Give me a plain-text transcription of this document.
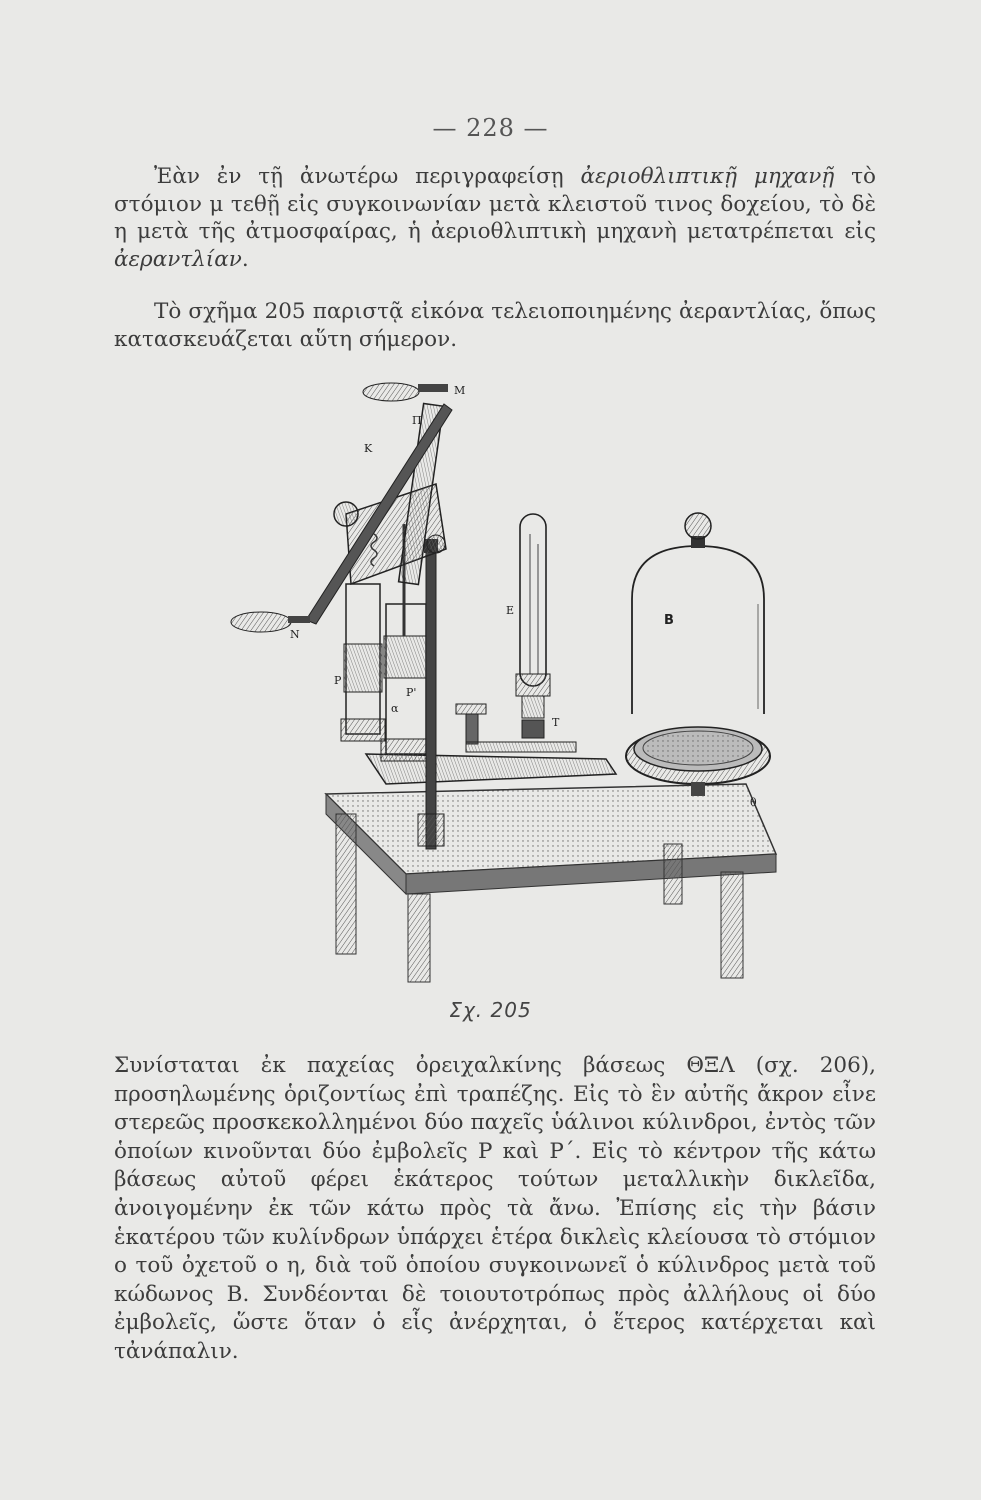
— 228 —

Ἐὰν ἐν τῇ ἀνωτέρω περιγραφείσῃ ἀεριοθλιπτικῇ μηχανῇ τὸ στόμιον μ τεθῇ εἰς συγκοινωνίαν μετὰ κλειστοῦ τινος δοχείου, τὸ δὲ η μετὰ τῆς ἀτμοσφαίρας, ἡ ἀεριοθλιπτικὴ μηχανὴ μετατρέπεται εἰς ἀεραντλίαν.

Τὸ σχῆμα 205 παριστᾷ εἰκόνα τελειοποιημένης ἀεραντλίας, ὅπως κατασκευάζεται αὕτη σήμερον.

M
Π
K
N
E
B
P
P'
α
T
θ
Σχ. 205

Συνίσταται ἐκ παχείας ὀρειχαλκίνης βάσεως ΘΞΛ (σχ. 206), προσηλωμένης ὁριζοντίως ἐπὶ τραπέζης. Εἰς τὸ ἓν αὐτῆς ἄκρον εἶνε στερεῶς προσκεκολλημένοι δύο παχεῖς ὑάλινοι κύλινδροι, ἐντὸς τῶν ὁποίων κινοῦνται δύο ἐμβολεῖς Ρ καὶ Ρ΄. Εἰς τὸ κέντρον τῆς κάτω βάσεως αὐτοῦ φέρει ἑκάτερος τούτων μεταλλικὴν δικλεῖδα, ἀνοιγομένην ἐκ τῶν κάτω πρὸς τὰ ἄνω. Ἐπίσης εἰς τὴν βάσιν ἑκατέρου τῶν κυλίνδρων ὑπάρχει ἑτέρα δικλεὶς κλείουσα τὸ στόμιον ο τοῦ ὀχετοῦ ο η, διὰ τοῦ ὁποίου συγκοινωνεῖ ὁ κύλινδρος μετὰ τοῦ κώδωνος Β. Συνδέονται δὲ τοιουτοτρόπως πρὸς ἀλλήλους οἱ δύο ἐμβολεῖς, ὥστε ὅταν ὁ εἷς ἀνέρχηται, ὁ ἕτερος κατέρχεται καὶ τἀνάπαλιν.
